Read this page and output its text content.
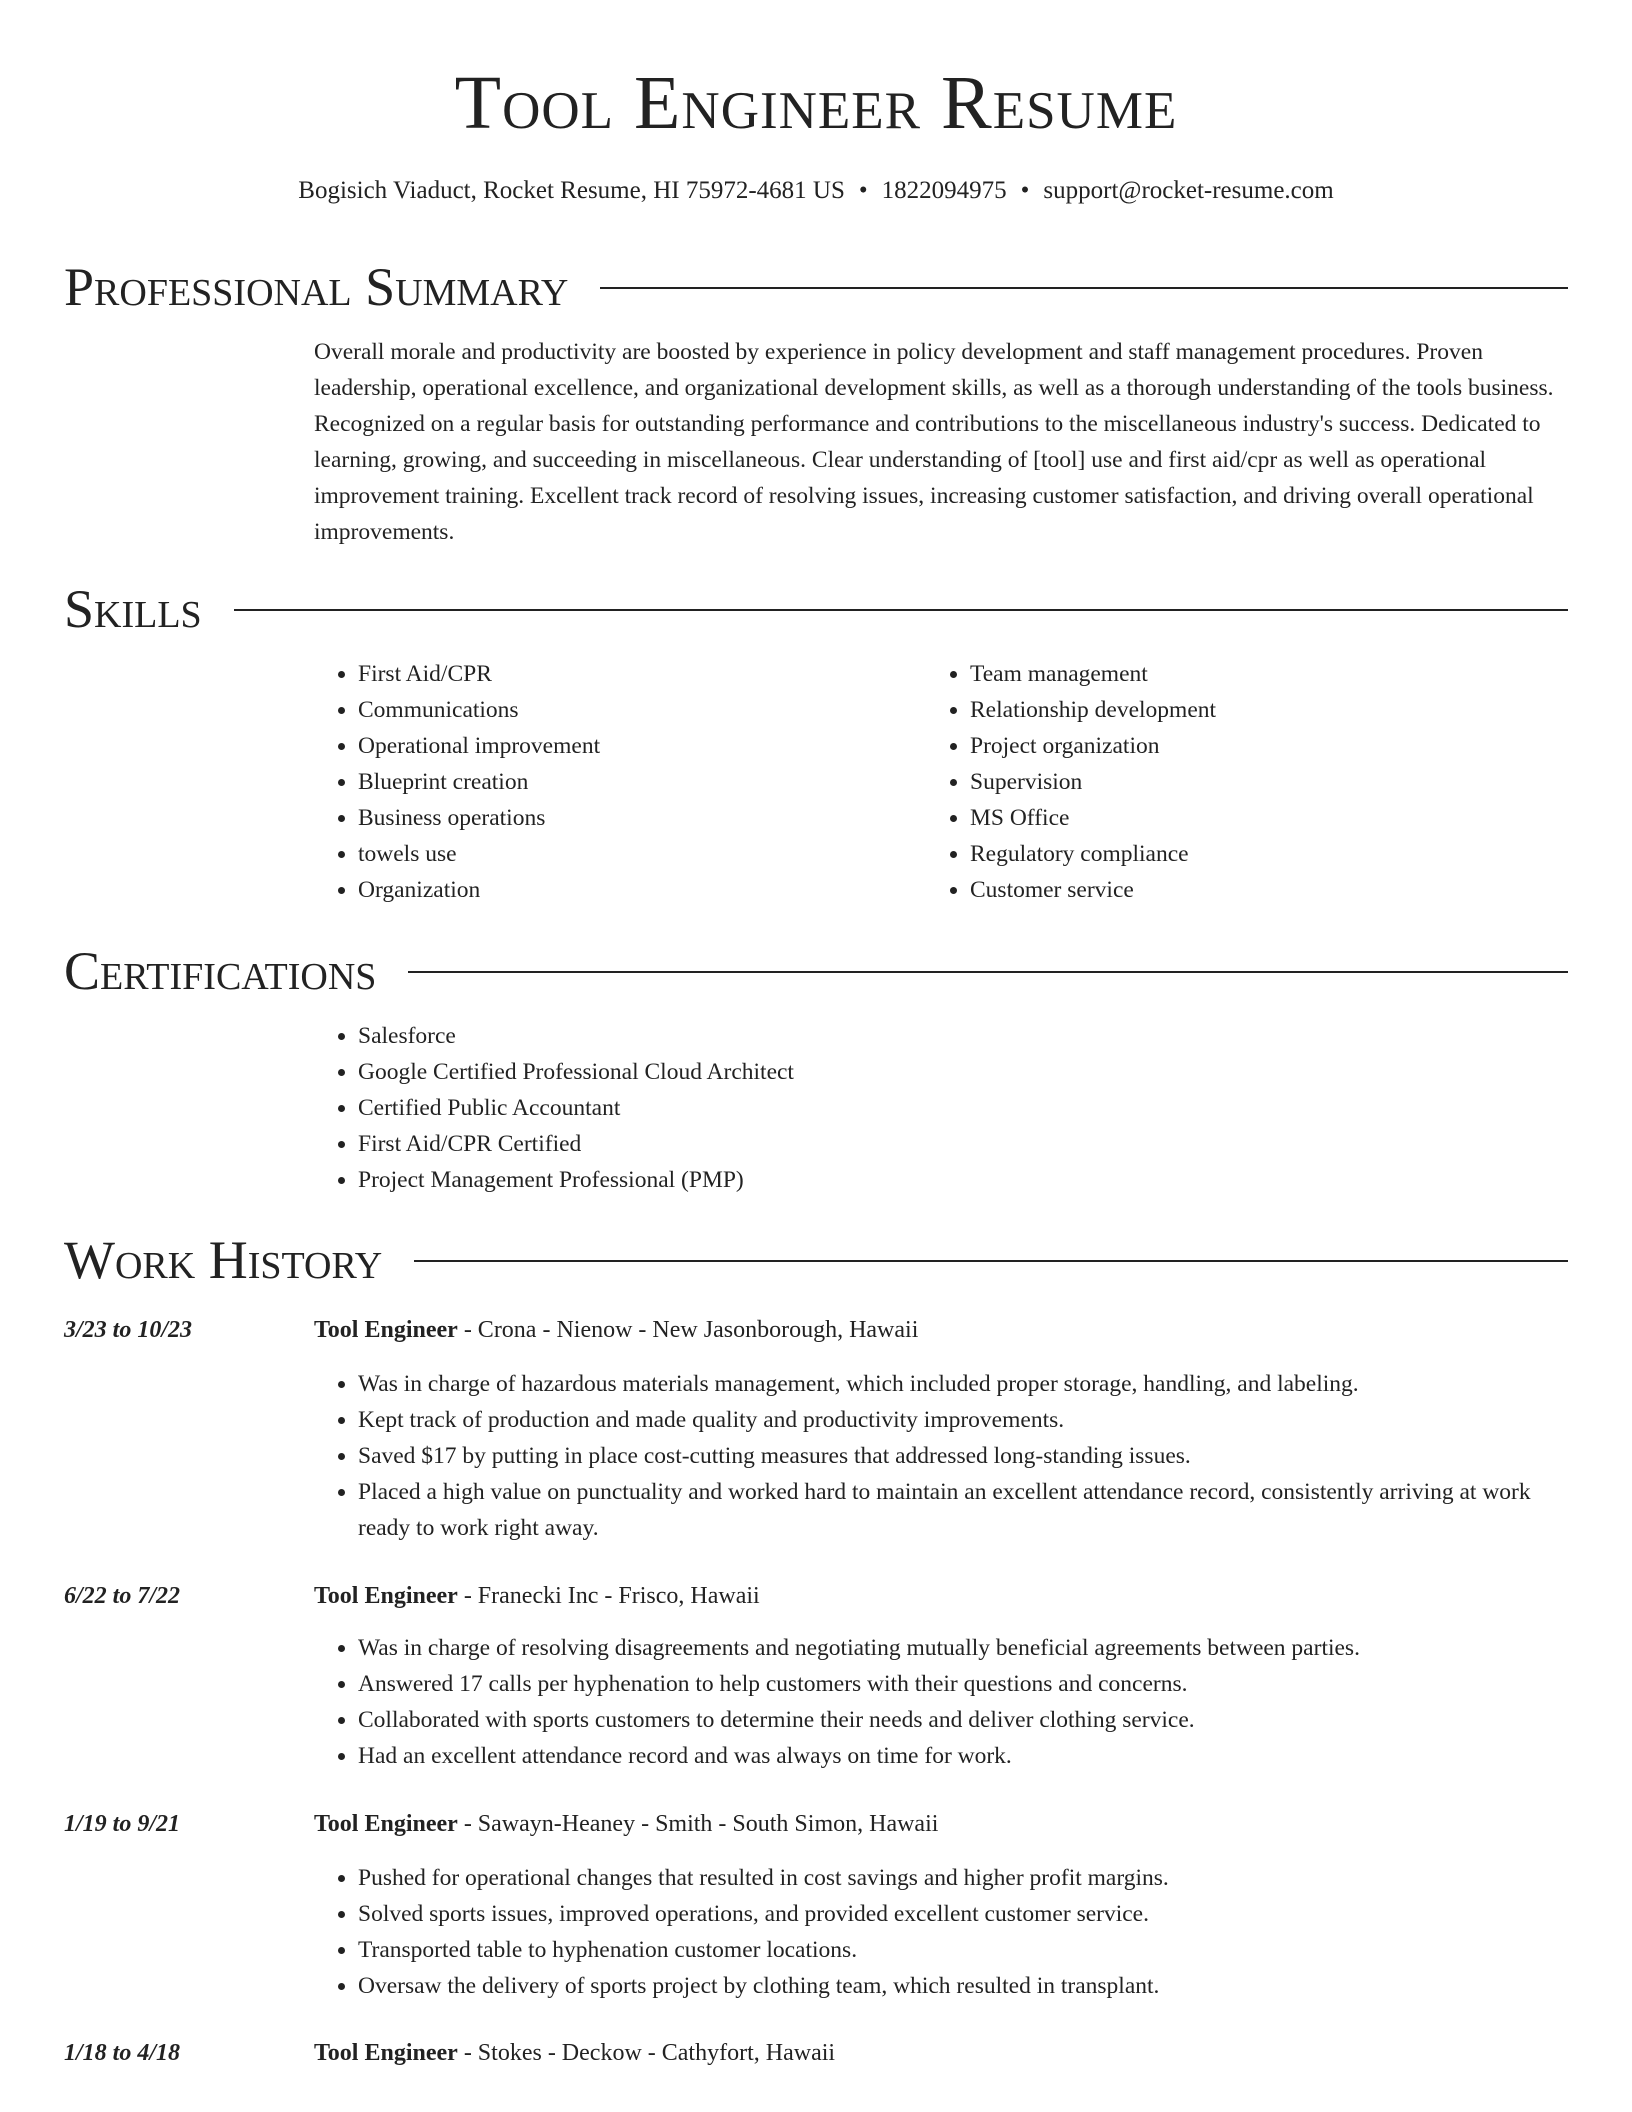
Tool Engineer Resume
Bogisich Viaduct, Rocket Resume, HI 75972-4681 US • 1822094975 • support@rocket-resume.com
Professional Summary

Overall morale and productivity are boosted by experience in policy development and staff management procedures. Proven leadership, operational excellence, and organizational development skills, as well as a thorough understanding of the tools business. Recognized on a regular basis for outstanding performance and contributions to the miscellaneous industry's success. Dedicated to learning, growing, and succeeding in miscellaneous. Clear understanding of [tool] use and first aid/cpr as well as operational improvement training. Excellent track record of resolving issues, increasing customer satisfaction, and driving overall operational improvements.

Skills
• First Aid/CPR
• Communications
• Operational improvement
• Blueprint creation
• Business operations
• towels use
• Organization
• Team management
• Relationship development
• Project organization
• Supervision
• MS Office
• Regulatory compliance
• Customer service
Certifications
• Salesforce
• Google Certified Professional Cloud Architect
• Certified Public Accountant
• First Aid/CPR Certified
• Project Management Professional (PMP)
Work History
3/23 to 10/23	Tool Engineer - Crona - Nienow - New Jasonborough, Hawaii
• Was in charge of hazardous materials management, which included proper storage, handling, and labeling.
• Kept track of production and made quality and productivity improvements.
• Saved $17 by putting in place cost-cutting measures that addressed long-standing issues.
• Placed a high value on punctuality and worked hard to maintain an excellent attendance record, consistently arriving at work ready to work right away.
6/22 to 7/22	Tool Engineer - Franecki Inc - Frisco, Hawaii
• Was in charge of resolving disagreements and negotiating mutually beneficial agreements between parties.
• Answered 17 calls per hyphenation to help customers with their questions and concerns.
• Collaborated with sports customers to determine their needs and deliver clothing service.
• Had an excellent attendance record and was always on time for work.
1/19 to 9/21	Tool Engineer - Sawayn-Heaney - Smith - South Simon, Hawaii
• Pushed for operational changes that resulted in cost savings and higher profit margins.
• Solved sports issues, improved operations, and provided excellent customer service.
• Transported table to hyphenation customer locations.
• Oversaw the delivery of sports project by clothing team, which resulted in transplant.
1/18 to 4/18	Tool Engineer - Stokes - Deckow - Cathyfort, Hawaii
